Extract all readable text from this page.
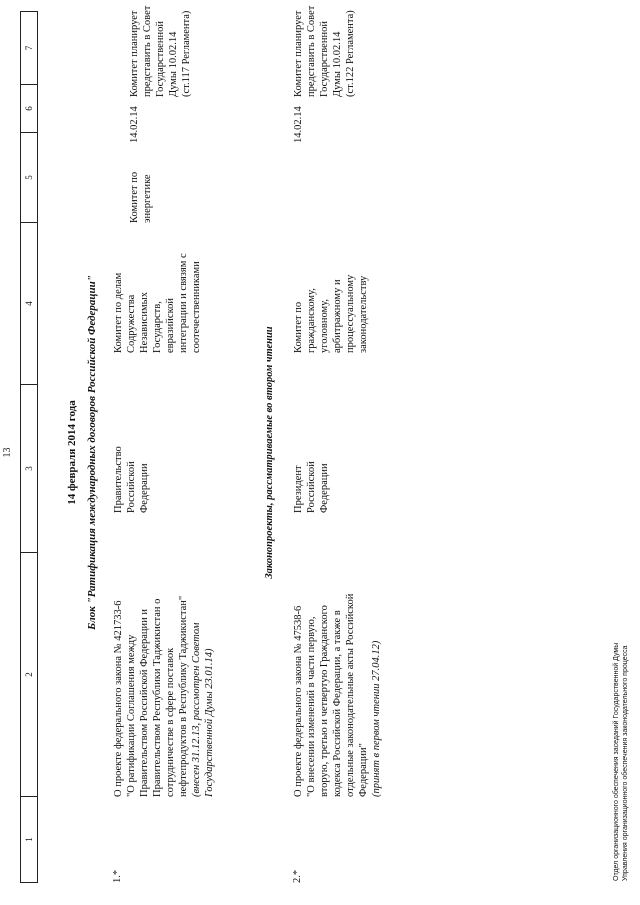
13
1
2
3
4
5
6
7
14 февраля 2014 года Блок "Ратификация международных договоров Российской Федерации"
1.*
О проекте федерального закона № 421733-6 "О ратификации Соглашения между Правительством Российской Федерации и Правительством Республики Таджикистан о сотрудничестве в сфере поставок нефтепродуктов в Республику Таджикистан" (внесен 31.12.13, рассмотрен Советом Государственной Думы 23.01.14)
Правительство Российской Федерации
Комитет по делам Содружества Независимых Государств, евразийской интеграции и связям с соотечественниками
Комитет по энергетике
14.02.14
Комитет планирует представить в Совет Государственной Думы 10.02.14 (ст.117 Регламента)
Законопроекты, рассматриваемые во втором чтении
2.*
О проекте федерального закона № 47538-6 "О внесении изменений в части первую, вторую, третью и четвертую Гражданского кодекса Российской Федерации, а также в отдельные законодательные акты Российской Федерации" (принят в первом чтении 27.04.12)
Президент Российской Федерации
Комитет по гражданскому, уголовному, арбитражному и процессуальному законодательству
14.02.14
Комитет планирует представить в Совет Государственной Думы 10.02.14 (ст.122 Регламента)
Отдел организационного обеспечения заседаний Государственной Думы Управления организационного обеспечения законодательного процесса
